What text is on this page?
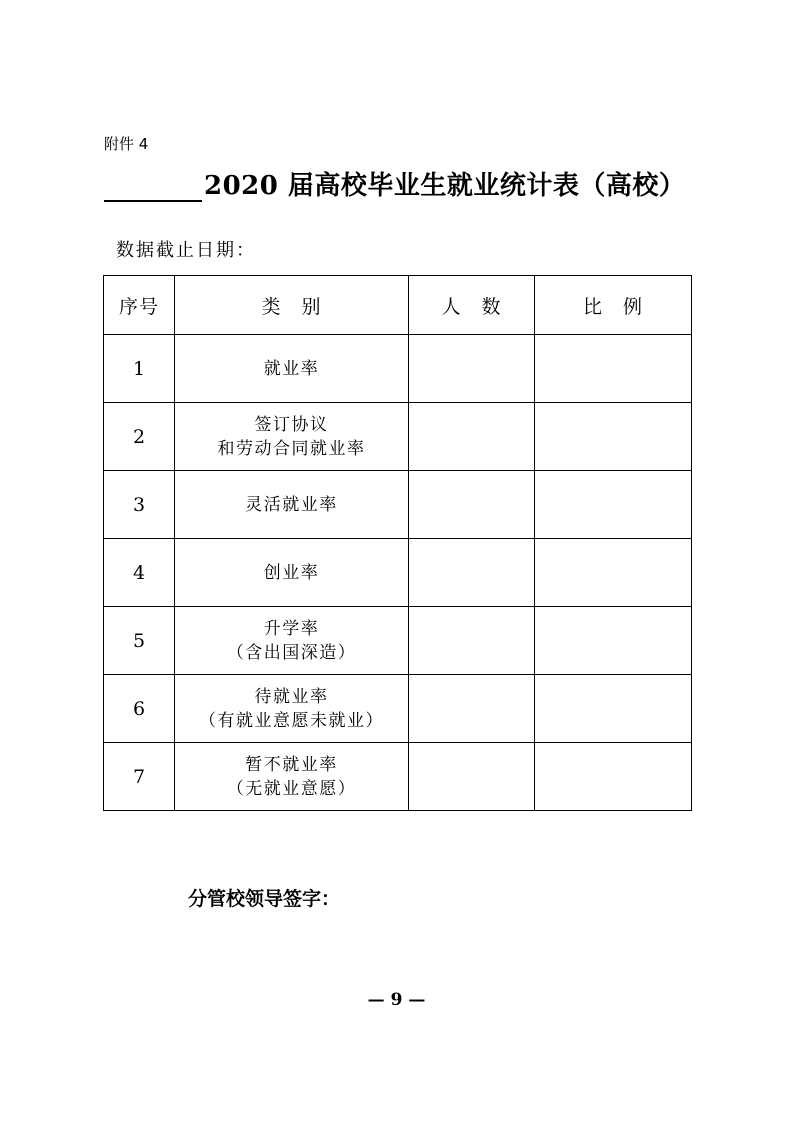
附件 4
2020 届高校毕业生就业统计表（高校）
数据截止日期：
序号	类　别	人　数	比　例
1	就业率		

2	签订协议
和劳动合同就业率		

3	灵活就业率		

4	创业率		

5	升学率
（含出国深造）		

6	待就业率
（有就业意愿未就业）		

7	暂不就业率
（无就业意愿）		

分管校领导签字：
— 9 —
